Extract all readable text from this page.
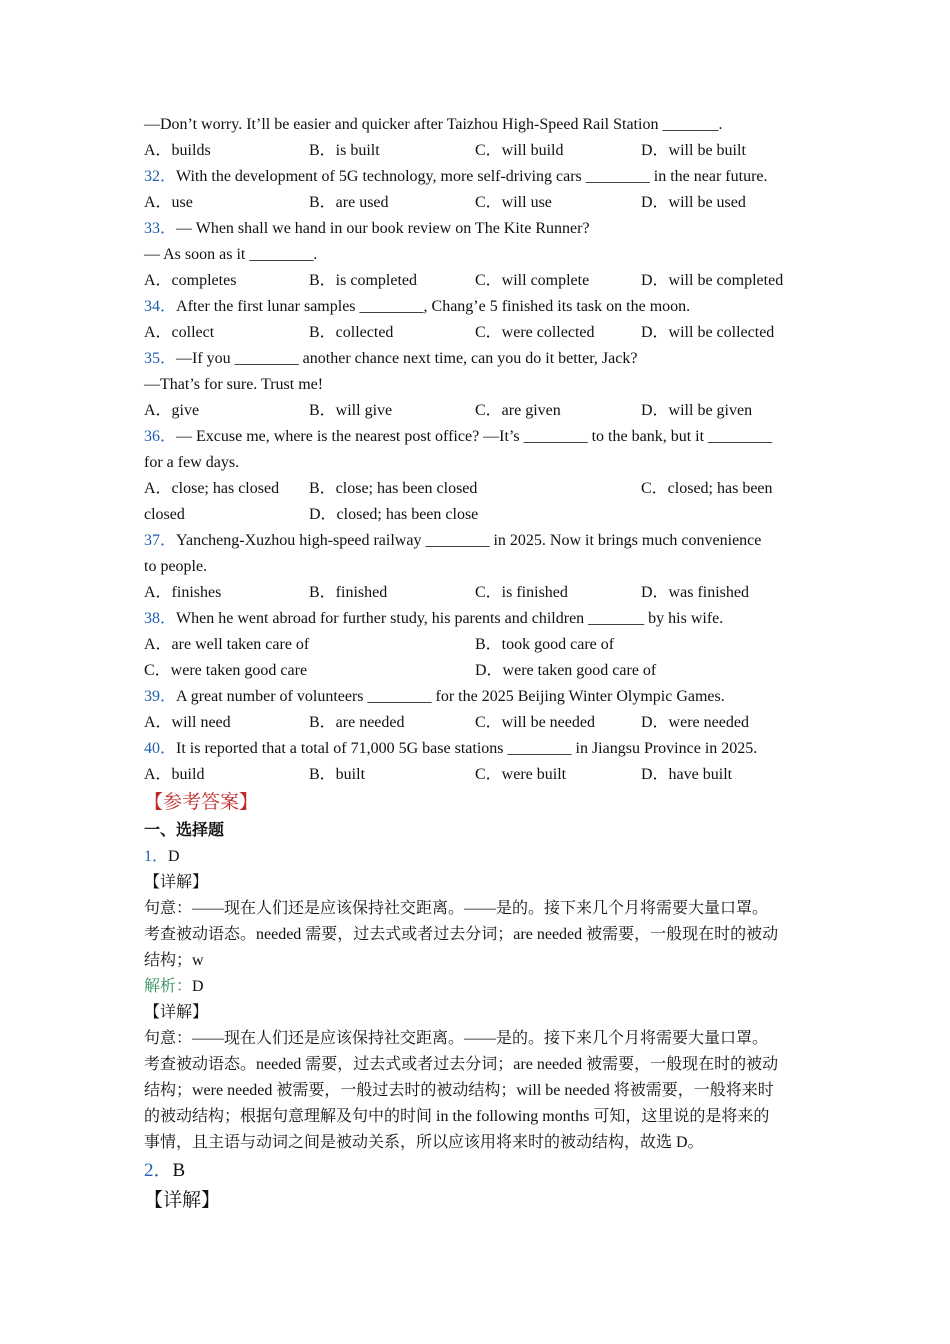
—Don’t worry. It’ll be easier and quicker after Taizhou High-Speed Rail Station _______.
A．builds	B．is built	C．will build	D．will be built
32．With the development of 5G technology, more self-driving cars ________ in the near future.
A．use	B．are used	C．will use	D．will be used
33．— When shall we hand in our book review on The Kite Runner?
— As soon as it ________.
A．completes	B．is completed	C．will complete	D．will be completed
34．After the first lunar samples ________, Chang’e 5 finished its task on the moon.
A．collect	B．collected	C．were collected	D．will be collected
35．—If you ________ another chance next time, can you do it better, Jack?
—That’s for sure. Trust me!
A．give	B．will give	C．are given	D．will be given
36．— Excuse me, where is the nearest post office? —It’s ________ to the bank, but it ________
for a few days.
A．close; has closed B．close; has been closed	C．closed; has been
closed	D．closed; has been close
37．Yancheng-Xuzhou high-speed railway ________ in 2025. Now it brings much convenience
to people.
A．finishes	B．finished	C．is finished	D．was finished
38．When he went abroad for further study, his parents and children _______ by his wife.
A．are well taken care of	B．took good care of
C．were taken good care	D．were taken good care of
39．A great number of volunteers ________ for the 2025 Beijing Winter Olympic Games.
A．will need	B．are needed	C．will be needed	D．were needed
40．It is reported that a total of 71,000 5G base stations ________ in Jiangsu Province in 2025.
A．build	B．built	C．were built	D．have built
【参考答案】
一、选择题
1．D
【详解】
句意：——现在人们还是应该保持社交距离。——是的。接下来几个月将需要大量口罩。
考查被动语态。needed 需要，过去式或者过去分词；are needed 被需要，一般现在时的被动
结构；w
解析：D
【详解】
句意：——现在人们还是应该保持社交距离。——是的。接下来几个月将需要大量口罩。
考查被动语态。needed 需要，过去式或者过去分词；are needed 被需要，一般现在时的被动
结构；were needed 被需要，一般过去时的被动结构；will be needed 将被需要，一般将来时
的被动结构；根据句意理解及句中的时间 in the following months 可知，这里说的是将来的
事情，且主语与动词之间是被动关系，所以应该用将来时的被动结构，故选 D。
2．B
【详解】
